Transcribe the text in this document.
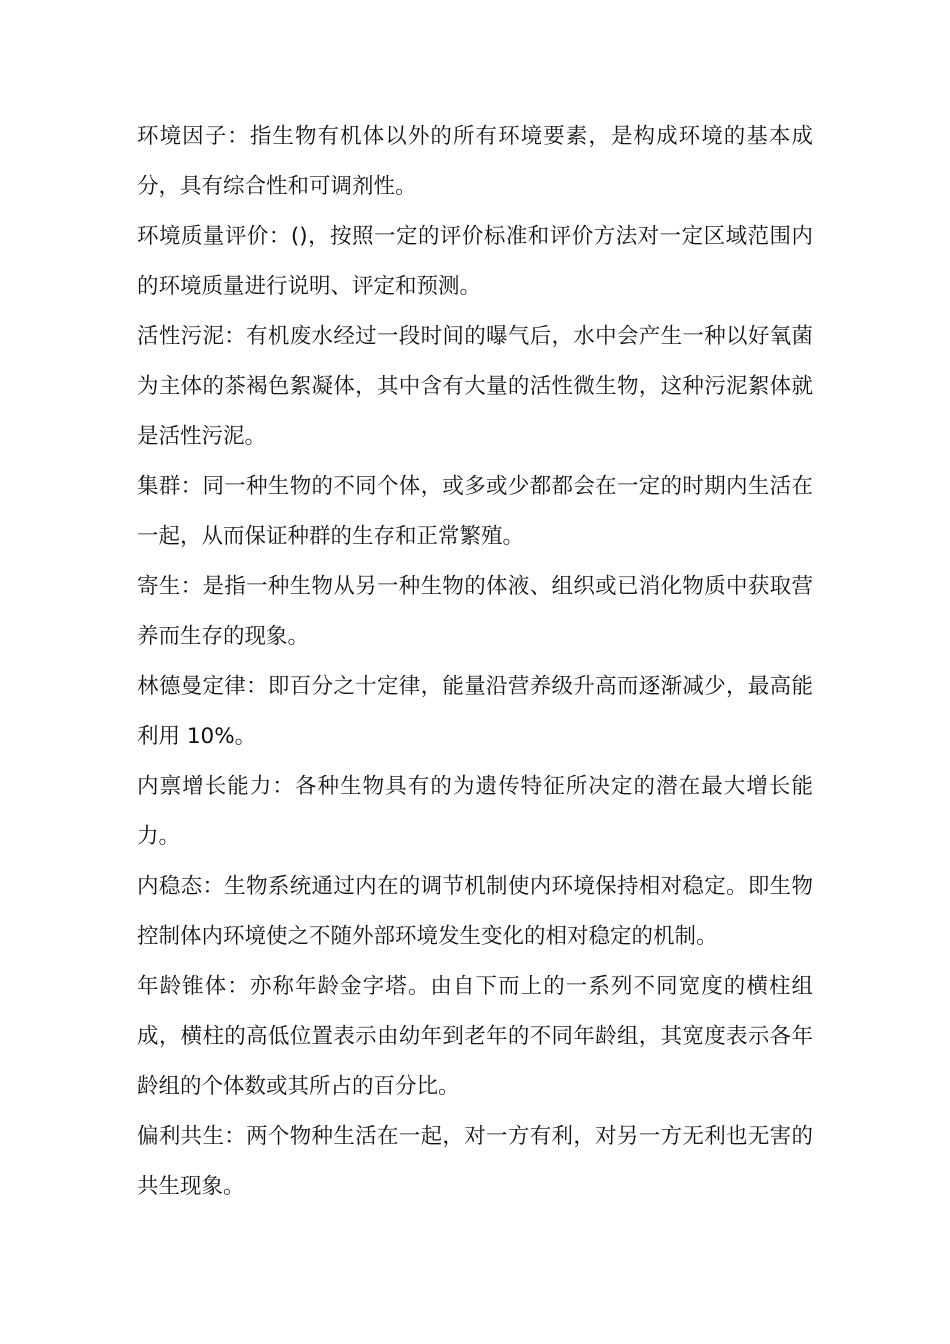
环境因子：指生物有机体以外的所有环境要素，是构成环境的基本成分，具有综合性和可调剂性。

环境质量评价：()，按照一定的评价标准和评价方法对一定区域范围内的环境质量进行说明、评定和预测。

活性污泥：有机废水经过一段时间的曝气后，水中会产生一种以好氧菌为主体的茶褐色絮凝体，其中含有大量的活性微生物，这种污泥絮体就是活性污泥。

集群：同一种生物的不同个体，或多或少都都会在一定的时期内生活在一起，从而保证种群的生存和正常繁殖。

寄生：是指一种生物从另一种生物的体液、组织或已消化物质中获取营养而生存的现象。

林德曼定律：即百分之十定律，能量沿营养级升高而逐渐减少，最高能利用 10%。

内禀增长能力：各种生物具有的为遗传特征所决定的潜在最大增长能力。

内稳态：生物系统通过内在的调节机制使内环境保持相对稳定。即生物控制体内环境使之不随外部环境发生变化的相对稳定的机制。

年龄锥体：亦称年龄金字塔。由自下而上的一系列不同宽度的横柱组成，横柱的高低位置表示由幼年到老年的不同年龄组，其宽度表示各年龄组的个体数或其所占的百分比。

偏利共生：两个物种生活在一起，对一方有利，对另一方无利也无害的共生现象。
